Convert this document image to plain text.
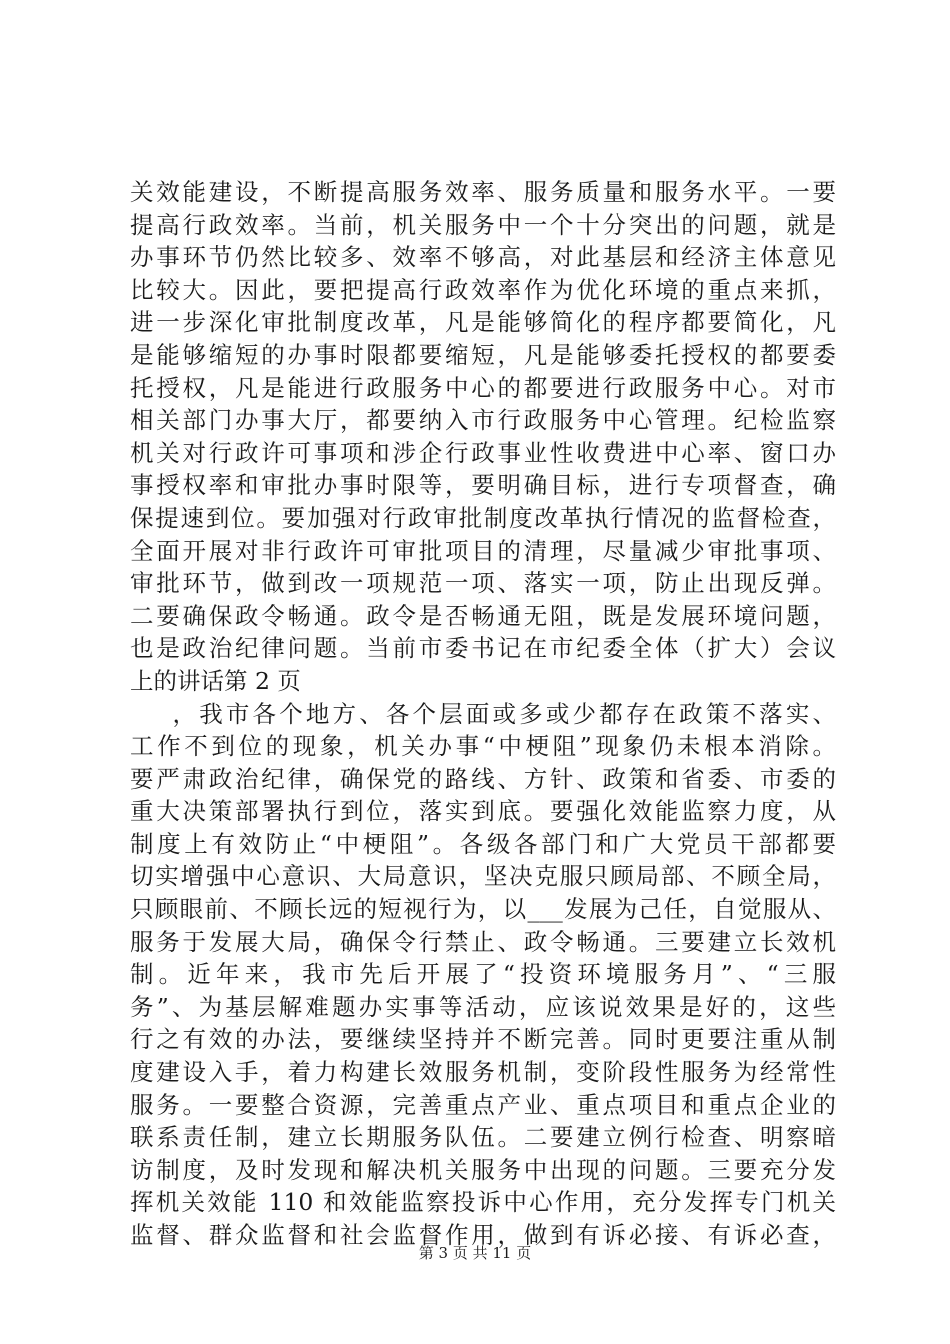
关效能建设，不断提高服务效率、服务质量和服务水平。一要
提高行政效率。当前，机关服务中一个十分突出的问题，就是
办事环节仍然比较多、效率不够高，对此基层和经济主体意见
比较大。因此，要把提高行政效率作为优化环境的重点来抓，
进一步深化审批制度改革，凡是能够简化的程序都要简化，凡
是能够缩短的办事时限都要缩短，凡是能够委托授权的都要委
托授权，凡是能进行政服务中心的都要进行政服务中心。对市
相关部门办事大厅，都要纳入市行政服务中心管理。纪检监察
机关对行政许可事项和涉企行政事业性收费进中心率、窗口办
事授权率和审批办事时限等，要明确目标，进行专项督查，确
保提速到位。要加强对行政审批制度改革执行情况的监督检查，
全面开展对非行政许可审批项目的清理，尽量减少审批事项、
审批环节，做到改一项规范一项、落实一项，防止出现反弹。
二要确保政令畅通。政令是否畅通无阻，既是发展环境问题，
也是政治纪律问题。当前市委书记在市纪委全体（扩大）会议
上的讲话第 2 页
，我市各个地方、各个层面或多或少都存在政策不落实、
工作不到位的现象，机关办事“中梗阻”现象仍未根本消除。
要严肃政治纪律，确保党的路线、方针、政策和省委、市委的
重大决策部署执行到位，落实到底。要强化效能监察力度，从
制度上有效防止“中梗阻”。各级各部门和广大党员干部都要
切实增强中心意识、大局意识，坚决克服只顾局部、不顾全局，
只顾眼前、不顾长远的短视行为，以___发展为己任，自觉服从、
服务于发展大局，确保令行禁止、政令畅通。三要建立长效机
制。近年来，我市先后开展了“投资环境服务月”、“三服
务”、为基层解难题办实事等活动，应该说效果是好的，这些
行之有效的办法，要继续坚持并不断完善。同时更要注重从制
度建设入手，着力构建长效服务机制，变阶段性服务为经常性
服务。一要整合资源，完善重点产业、重点项目和重点企业的
联系责任制，建立长期服务队伍。二要建立例行检查、明察暗
访制度，及时发现和解决机关服务中出现的问题。三要充分发
挥机关效能 110 和效能监察投诉中心作用，充分发挥专门机关
监督、群众监督和社会监督作用，做到有诉必接、有诉必查，
第 3 页 共 11 页
